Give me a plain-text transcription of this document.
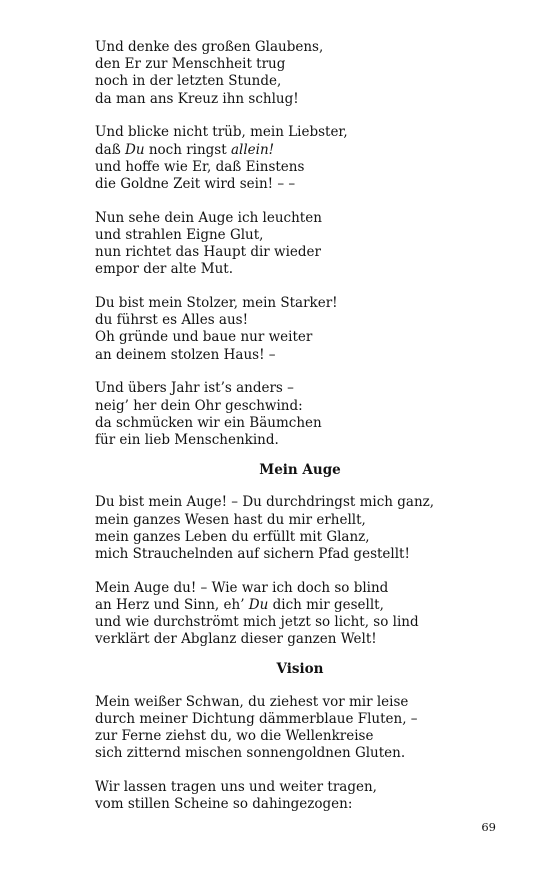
Und denke des großen Glaubens,
den Er zur Menschheit trug
noch in der letzten Stunde,
da man ans Kreuz ihn schlug!
Und blicke nicht trüb, mein Liebster,
daß Du noch ringst allein!
und hoffe wie Er, daß Einstens
die Goldne Zeit wird sein! – –
Nun sehe dein Auge ich leuchten
und strahlen Eigne Glut,
nun richtet das Haupt dir wieder
empor der alte Mut.
Du bist mein Stolzer, mein Starker!
du führst es Alles aus!
Oh gründe und baue nur weiter
an deinem stolzen Haus! –
Und übers Jahr ist’s anders –
neig’ her dein Ohr geschwind:
da schmücken wir ein Bäumchen
für ein lieb Menschenkind.
Mein Auge
Du bist mein Auge! – Du durchdringst mich ganz,
mein ganzes Wesen hast du mir erhellt,
mein ganzes Leben du erfüllt mit Glanz,
mich Strauchelnden auf sichern Pfad gestellt!
Mein Auge du! – Wie war ich doch so blind
an Herz und Sinn, eh’ Du dich mir gesellt,
und wie durchströmt mich jetzt so licht, so lind
verklärt der Abglanz dieser ganzen Welt!
Vision
Mein weißer Schwan, du ziehest vor mir leise
durch meiner Dichtung dämmerblaue Fluten, –
zur Ferne ziehst du, wo die Wellenkreise
sich zitternd mischen sonnengoldnen Gluten.
Wir lassen tragen uns und weiter tragen,
vom stillen Scheine so dahingezogen:
69
